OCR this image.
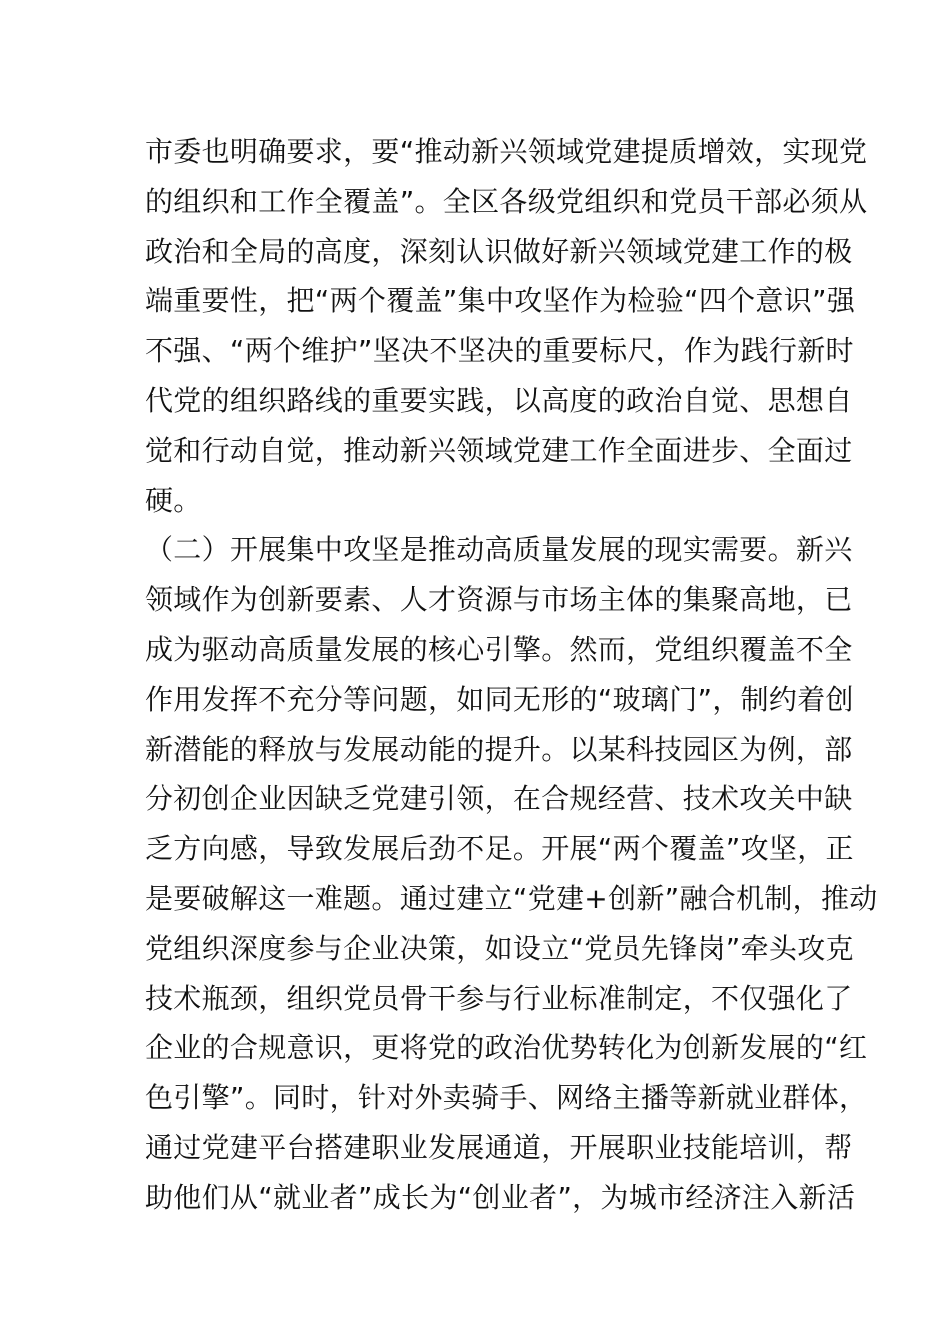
市委也明确要求，要“推动新兴领域党建提质增效，实现党
的组织和工作全覆盖”。全区各级党组织和党员干部必须从
政治和全局的高度，深刻认识做好新兴领域党建工作的极
端重要性，把“两个覆盖”集中攻坚作为检验“四个意识”强
不强、“两个维护”坚决不坚决的重要标尺，作为践行新时
代党的组织路线的重要实践，以高度的政治自觉、思想自
觉和行动自觉，推动新兴领域党建工作全面进步、全面过
硬。
（二）开展集中攻坚是推动高质量发展的现实需要。新兴
领域作为创新要素、人才资源与市场主体的集聚高地，已
成为驱动高质量发展的核心引擎。然而，党组织覆盖不全
作用发挥不充分等问题，如同无形的“玻璃门”，制约着创
新潜能的释放与发展动能的提升。以某科技园区为例，部
分初创企业因缺乏党建引领，在合规经营、技术攻关中缺
乏方向感，导致发展后劲不足。开展“两个覆盖”攻坚，正
是要破解这一难题。通过建立“党建+创新”融合机制，推动
党组织深度参与企业决策，如设立“党员先锋岗”牵头攻克
技术瓶颈，组织党员骨干参与行业标准制定，不仅强化了
企业的合规意识，更将党的政治优势转化为创新发展的“红
色引擎”。同时，针对外卖骑手、网络主播等新就业群体，
通过党建平台搭建职业发展通道，开展职业技能培训，帮
助他们从“就业者”成长为“创业者”，为城市经济注入新活
